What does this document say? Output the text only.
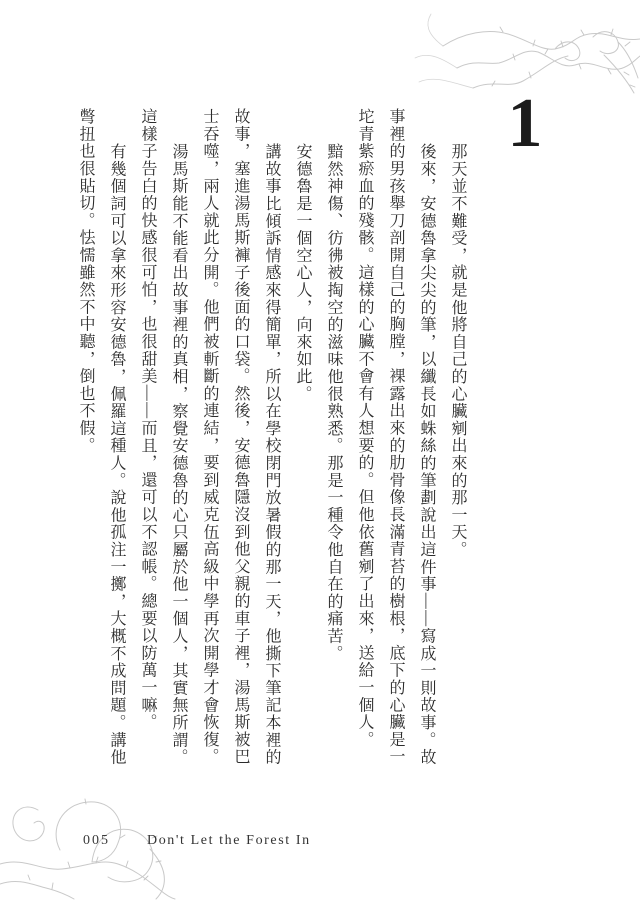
1

那天並不難受，就是他將自己的心臟剜出來的那一天。

後來，安德魯拿尖尖的筆，以纖長如蛛絲的筆劃說出這件事——寫成一則故事。故事裡的男孩舉刀剖開自己的胸膛，裸露出來的肋骨像長滿青苔的樹根，底下的心臟是一坨青紫瘀血的殘骸。這樣的心臟不會有人想要的。但他依舊剜了出來，送給一個人。

黯然神傷、彷彿被掏空的滋味他很熟悉。那是一種令他自在的痛苦。

安德魯是一個空心人，向來如此。

講故事比傾訴情感來得簡單，所以在學校閉門放暑假的那一天，他撕下筆記本裡的故事，塞進湯馬斯褲子後面的口袋。然後，安德魯隱沒到他父親的車子裡，湯馬斯被巴士吞噬，兩人就此分開。他們被斬斷的連結，要到威克伍高級中學再次開學才會恢復。

湯馬斯能不能看出故事裡的真相，察覺安德魯的心只屬於他一個人，其實無所謂。這樣子告白的快感很可怕，也很甜美——而且，還可以不認帳。總要以防萬一嘛。

有幾個詞可以拿來形容安德魯，佩羅這種人。說他孤注一擲，大概不成問題。講他彆扭也很貼切。怯懦雖然不中聽，倒也不假。

005	Don't Let the Forest In
